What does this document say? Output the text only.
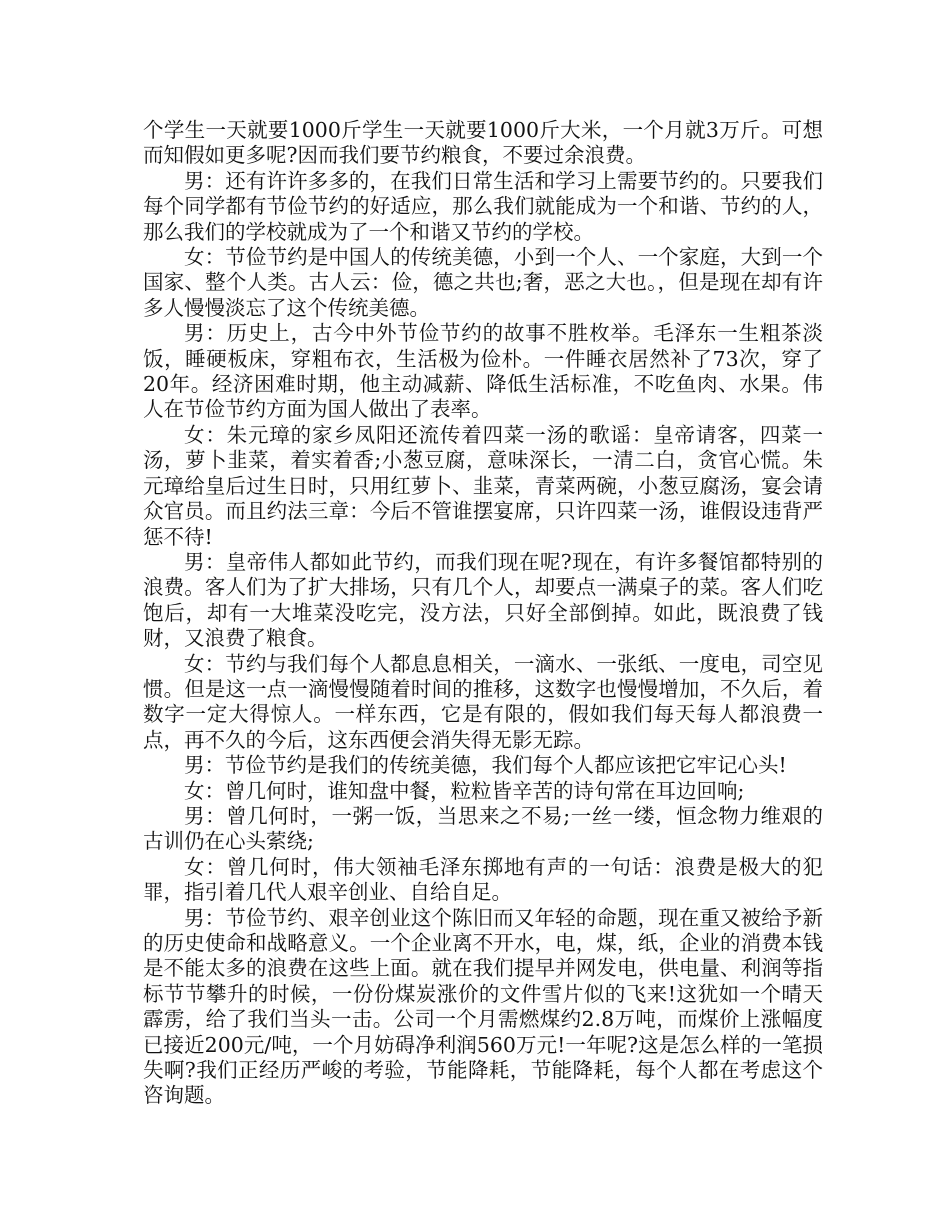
个学生一天就要1000斤学生一天就要1000斤大米，一个月就3万斤。可想而知假如更多呢?因而我们要节约粮食，不要过余浪费。

男：还有许许多多的，在我们日常生活和学习上需要节约的。只要我们每个同学都有节俭节约的好适应，那么我们就能成为一个和谐、节约的人，那么我们的学校就成为了一个和谐又节约的学校。

女：节俭节约是中国人的传统美德，小到一个人、一个家庭，大到一个国家、整个人类。古人云：俭，德之共也;奢，恶之大也。，但是现在却有许多人慢慢淡忘了这个传统美德。

男：历史上，古今中外节俭节约的故事不胜枚举。毛泽东一生粗茶淡饭，睡硬板床，穿粗布衣，生活极为俭朴。一件睡衣居然补了73次，穿了20年。经济困难时期，他主动减薪、降低生活标准，不吃鱼肉、水果。伟人在节俭节约方面为国人做出了表率。

女：朱元璋的家乡凤阳还流传着四菜一汤的歌谣：皇帝请客，四菜一汤，萝卜韭菜，着实着香;小葱豆腐，意味深长，一清二白，贪官心慌。朱元璋给皇后过生日时，只用红萝卜、韭菜，青菜两碗，小葱豆腐汤，宴会请众官员。而且约法三章：今后不管谁摆宴席，只许四菜一汤，谁假设违背严惩不待!

男：皇帝伟人都如此节约，而我们现在呢?现在，有许多餐馆都特别的浪费。客人们为了扩大排场，只有几个人，却要点一满桌子的菜。客人们吃饱后，却有一大堆菜没吃完，没方法，只好全部倒掉。如此，既浪费了钱财，又浪费了粮食。

女：节约与我们每个人都息息相关，一滴水、一张纸、一度电，司空见惯。但是这一点一滴慢慢随着时间的推移，这数字也慢慢增加，不久后，着数字一定大得惊人。一样东西，它是有限的，假如我们每天每人都浪费一点，再不久的今后，这东西便会消失得无影无踪。

男：节俭节约是我们的传统美德，我们每个人都应该把它牢记心头!

女：曾几何时，谁知盘中餐，粒粒皆辛苦的诗句常在耳边回响;

男：曾几何时，一粥一饭，当思来之不易;一丝一缕，恒念物力维艰的古训仍在心头萦绕;

女：曾几何时，伟大领袖毛泽东掷地有声的一句话：浪费是极大的犯罪，指引着几代人艰辛创业、自给自足。

男：节俭节约、艰辛创业这个陈旧而又年轻的命题，现在重又被给予新的历史使命和战略意义。一个企业离不开水，电，煤，纸，企业的消费本钱是不能太多的浪费在这些上面。就在我们提早并网发电，供电量、利润等指标节节攀升的时候，一份份煤炭涨价的文件雪片似的飞来!这犹如一个晴天霹雳，给了我们当头一击。公司一个月需燃煤约2.8万吨，而煤价上涨幅度已接近200元/吨，一个月妨碍净利润560万元!一年呢?这是怎么样的一笔损失啊?我们正经历严峻的考验，节能降耗，节能降耗，每个人都在考虑这个咨询题。
